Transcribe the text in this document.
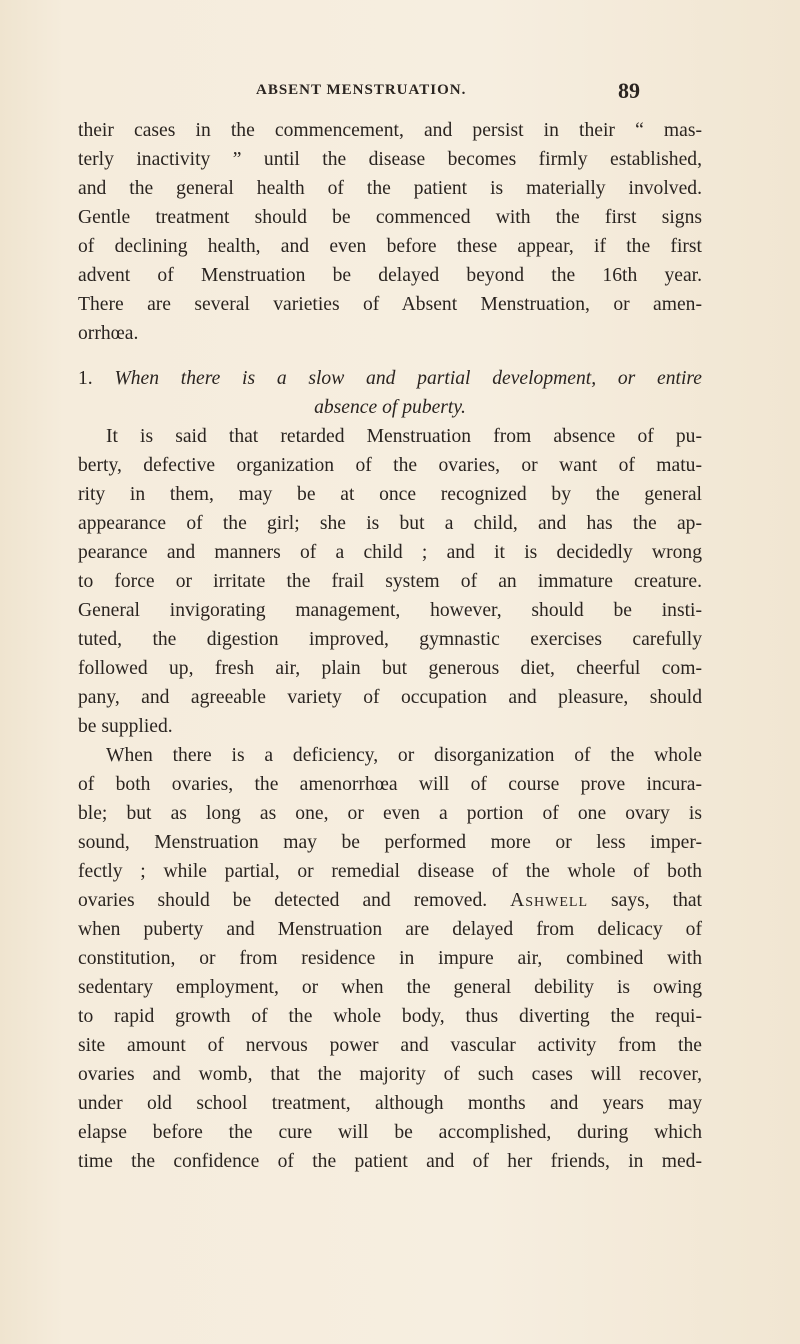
ABSENT MENSTRUATION.	89
their cases in the commencement, and persist in their “ mas-
terly inactivity ” until the disease becomes firmly established,
and the general health of the patient is materially involved.
Gentle treatment should be commenced with the first signs
of declining health, and even before these appear, if the first
advent of Menstruation be delayed beyond the 16th year.
There are several varieties of Absent Menstruation, or amen-
orrhœa.
1. When there is a slow and partial development, or entire
absence of puberty.
It is said that retarded Menstruation from absence of pu-
berty, defective organization of the ovaries, or want of matu-
rity in them, may be at once recognized by the general
appearance of the girl; she is but a child, and has the ap-
pearance and manners of a child ; and it is decidedly wrong
to force or irritate the frail system of an immature creature.
General invigorating management, however, should be insti-
tuted, the digestion improved, gymnastic exercises carefully
followed up, fresh air, plain but generous diet, cheerful com-
pany, and agreeable variety of occupation and pleasure, should
be supplied.
When there is a deficiency, or disorganization of the whole
of both ovaries, the amenorrhœa will of course prove incura-
ble; but as long as one, or even a portion of one ovary is
sound, Menstruation may be performed more or less imper-
fectly ; while partial, or remedial disease of the whole of both
ovaries should be detected and removed. Ashwell says, that
when puberty and Menstruation are delayed from delicacy of
constitution, or from residence in impure air, combined with
sedentary employment, or when the general debility is owing
to rapid growth of the whole body, thus diverting the requi-
site amount of nervous power and vascular activity from the
ovaries and womb, that the majority of such cases will recover,
under old school treatment, although months and years may
elapse before the cure will be accomplished, during which
time the confidence of the patient and of her friends, in med-
